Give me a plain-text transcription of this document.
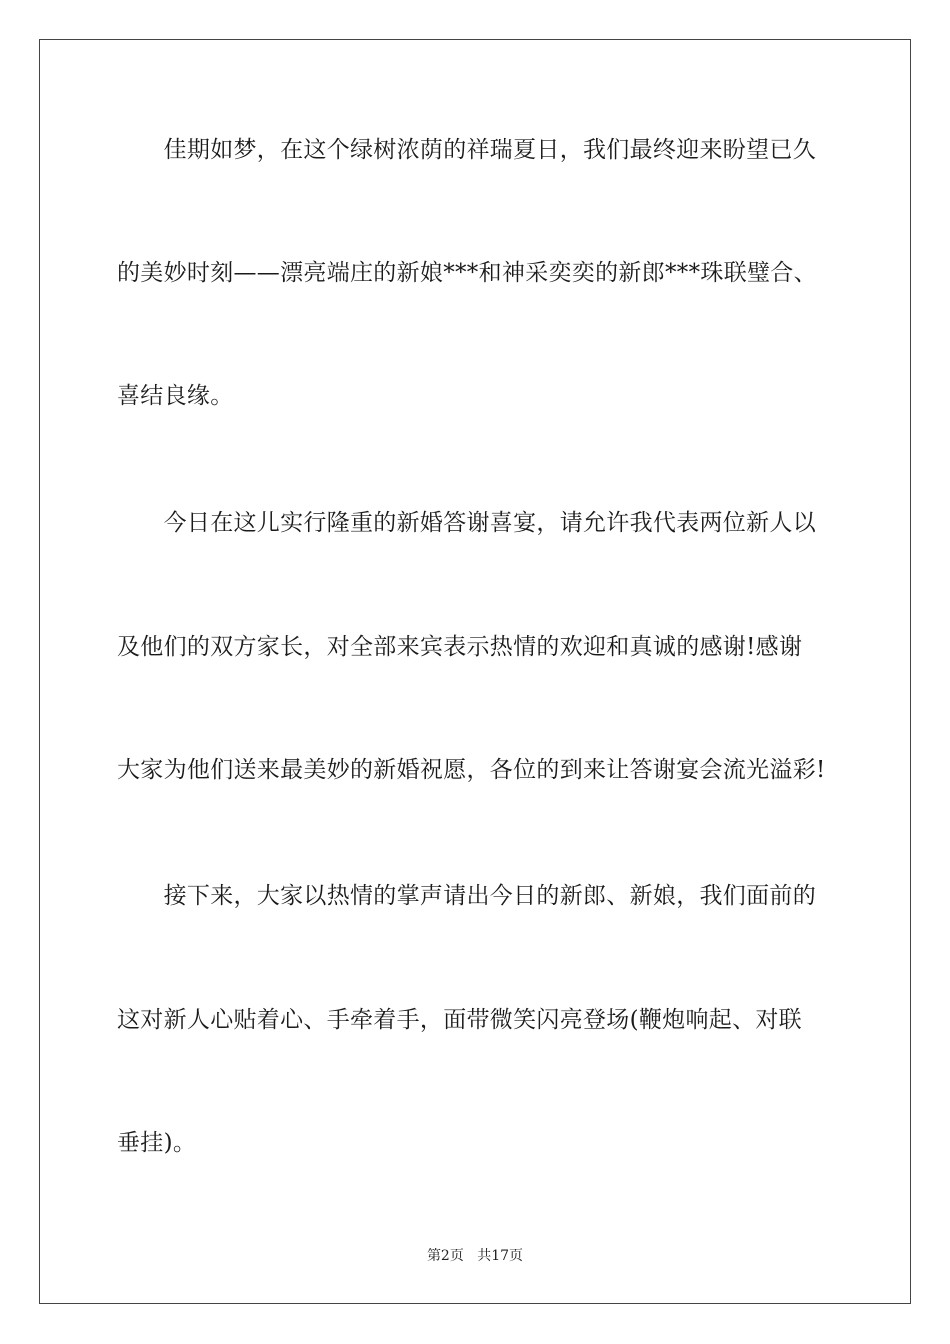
　　佳期如梦，在这个绿树浓荫的祥瑞夏日，我们最终迎来盼望已久
的美妙时刻——漂亮端庄的新娘***和神采奕奕的新郎***珠联璧合、
喜结良缘。
　　今日在这儿实行隆重的新婚答谢喜宴，请允许我代表两位新人以
及他们的双方家长，对全部来宾表示热情的欢迎和真诚的感谢!感谢
大家为他们送来最美妙的新婚祝愿，各位的到来让答谢宴会流光溢彩!
　　接下来，大家以热情的掌声请出今日的新郎、新娘，我们面前的
这对新人心贴着心、手牵着手，面带微笑闪亮登场(鞭炮响起、对联
垂挂)。
第2页 共17页
